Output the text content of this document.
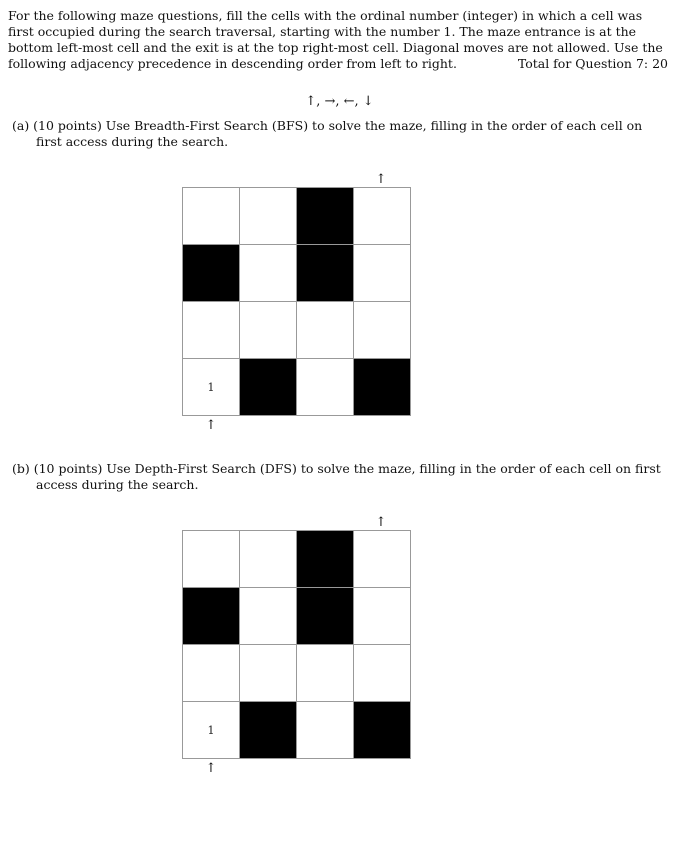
For the following maze questions, fill the cells with the ordinal number (integer) in which a cell was
first occupied during the search traversal, starting with the number 1. The maze entrance is at the
bottom left-most cell and the exit is at the top right-most cell. Diagonal moves are not allowed. Use the
following adjacency precedence in descending order from left to right.	Total for Question 7: 20
↑, →, ←, ↓
(a) (10 points) Use Breadth-First Search (BFS) to solve the maze, filling in the order of each cell on
first access during the search.
↑
1
↑
(b) (10 points) Use Depth-First Search (DFS) to solve the maze, filling in the order of each cell on first
access during the search.
↑
1
↑
